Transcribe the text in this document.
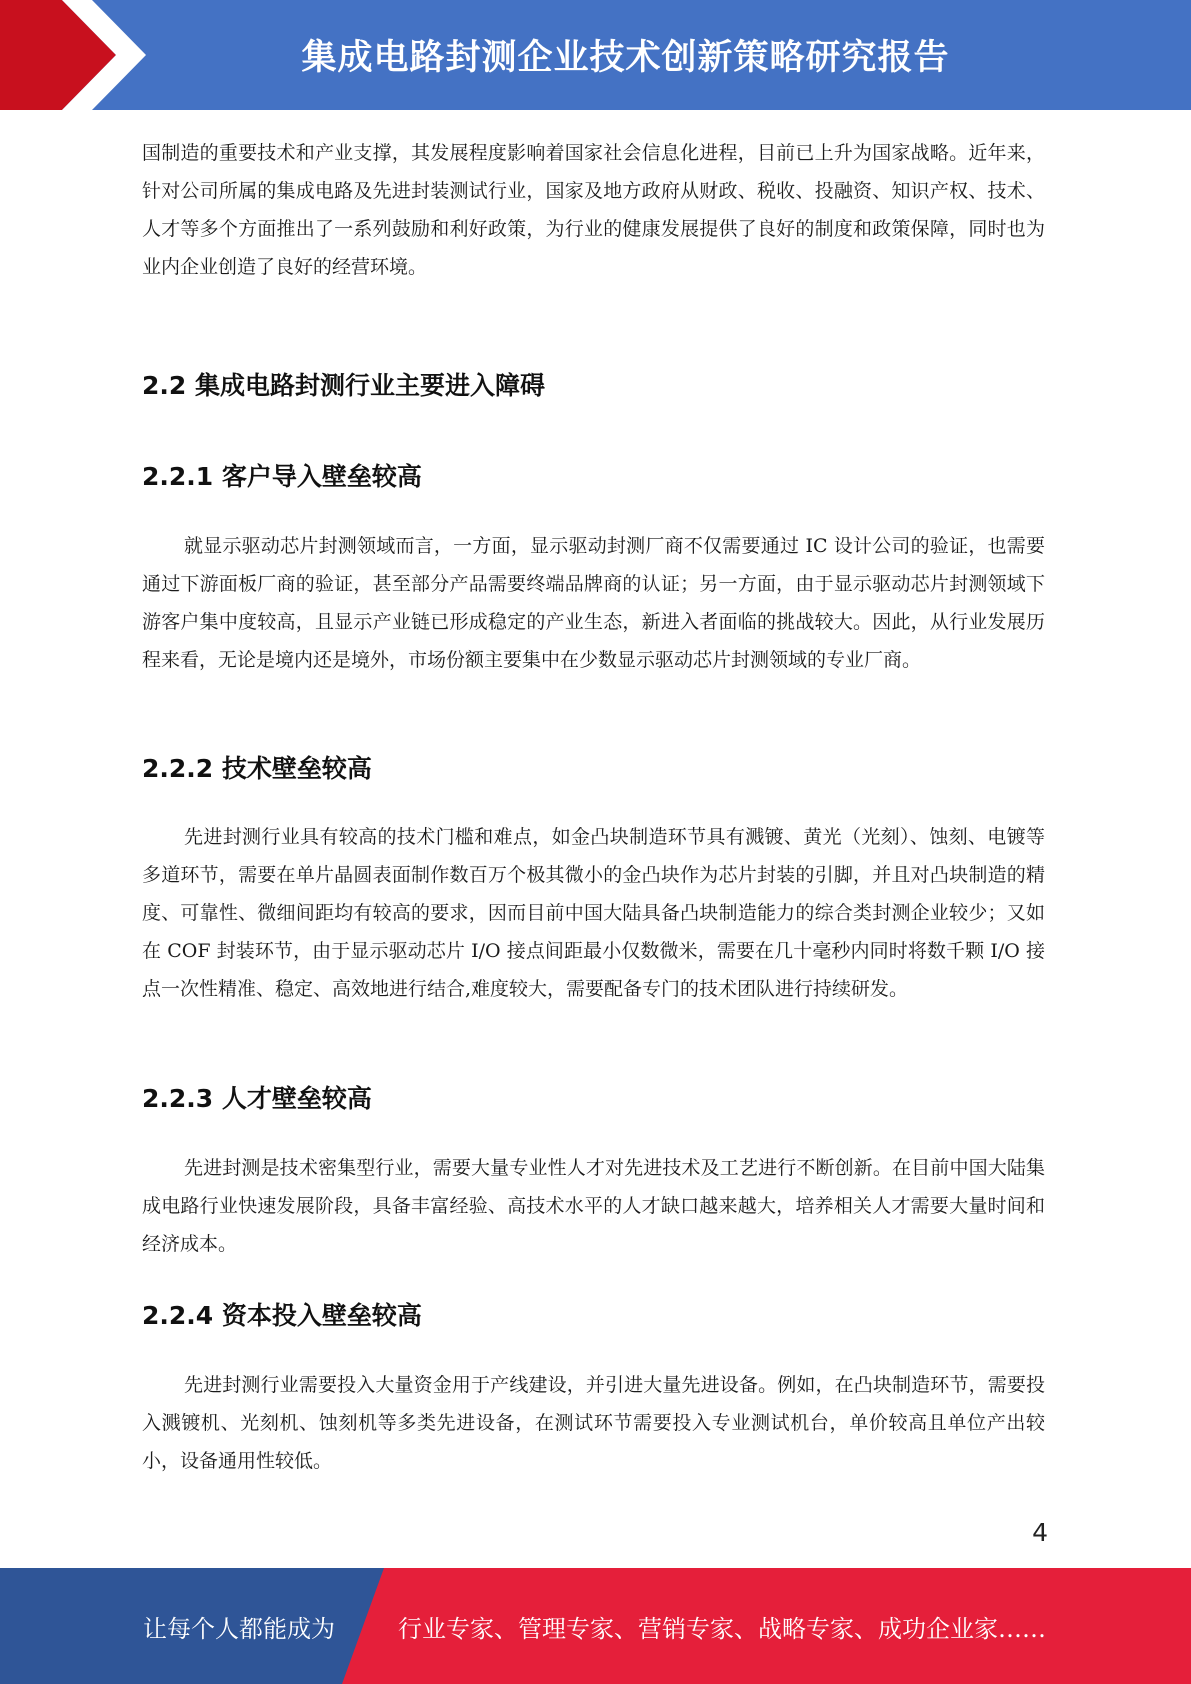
集成电路封测企业技术创新策略研究报告

国制造的重要技术和产业支撑，其发展程度影响着国家社会信息化进程，目前已上升为国家战略。近年来，针对公司所属的集成电路及先进封装测试行业，国家及地方政府从财政、税收、投融资、知识产权、技术、人才等多个方面推出了一系列鼓励和利好政策，为行业的健康发展提供了良好的制度和政策保障，同时也为业内企业创造了良好的经营环境。

2.2 集成电路封测行业主要进入障碍
2.2.1 客户导入壁垒较高

就显示驱动芯片封测领域而言，一方面，显示驱动封测厂商不仅需要通过 IC 设计公司的验证，也需要通过下游面板厂商的验证，甚至部分产品需要终端品牌商的认证；另一方面，由于显示驱动芯片封测领域下游客户集中度较高，且显示产业链已形成稳定的产业生态，新进入者面临的挑战较大。因此，从行业发展历程来看，无论是境内还是境外，市场份额主要集中在少数显示驱动芯片封测领域的专业厂商。

2.2.2 技术壁垒较高

先进封测行业具有较高的技术门槛和难点，如金凸块制造环节具有溅镀、黄光（光刻）、蚀刻、电镀等多道环节，需要在单片晶圆表面制作数百万个极其微小的金凸块作为芯片封装的引脚，并且对凸块制造的精度、可靠性、微细间距均有较高的要求，因而目前中国大陆具备凸块制造能力的综合类封测企业较少；又如在 COF 封装环节，由于显示驱动芯片 I/O 接点间距最小仅数微米，需要在几十毫秒内同时将数千颗 I/O 接点一次性精准、稳定、高效地进行结合,难度较大，需要配备专门的技术团队进行持续研发。

2.2.3 人才壁垒较高

先进封测是技术密集型行业，需要大量专业性人才对先进技术及工艺进行不断创新。在目前中国大陆集成电路行业快速发展阶段，具备丰富经验、高技术水平的人才缺口越来越大，培养相关人才需要大量时间和经济成本。

2.2.4 资本投入壁垒较高

先进封测行业需要投入大量资金用于产线建设，并引进大量先进设备。例如，在凸块制造环节，需要投入溅镀机、光刻机、蚀刻机等多类先进设备，在测试环节需要投入专业测试机台，单价较高且单位产出较小，设备通用性较低。

4
让每个人都能成为	行业专家、管理专家、营销专家、战略专家、成功企业家……
